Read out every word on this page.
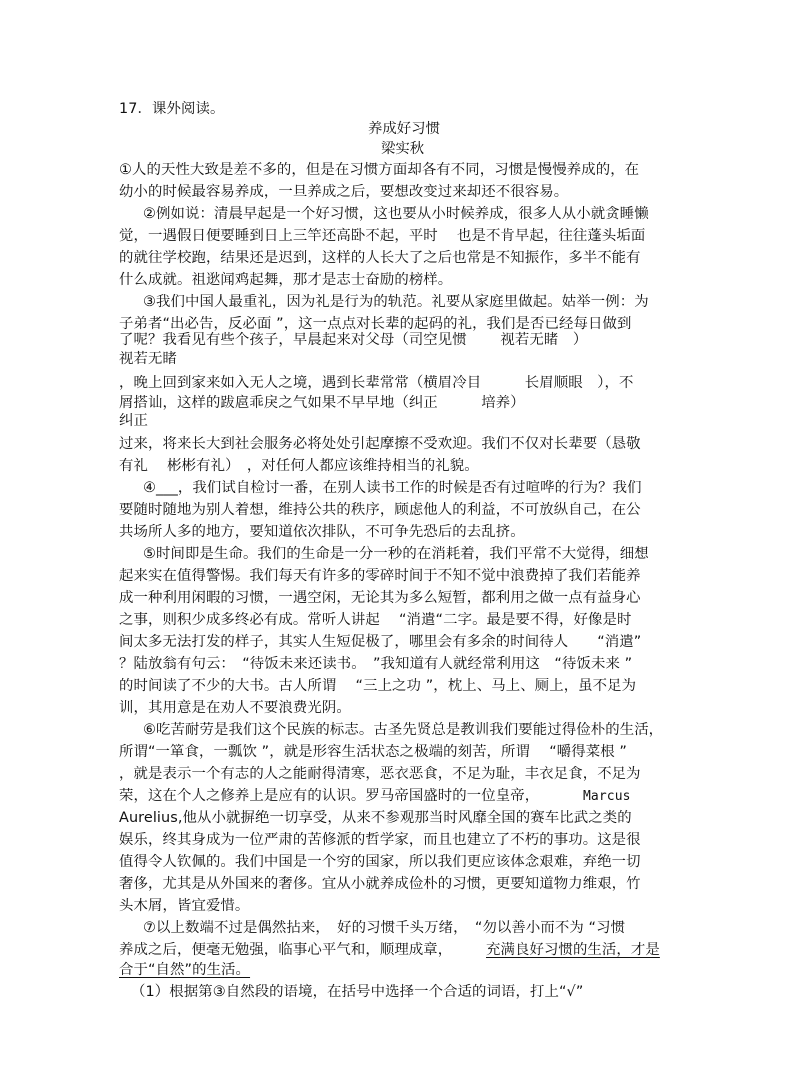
17．课外阅读。
养成好习惯
梁实秋
①人的天性大致是差不多的，但是在习惯方面却各有不同，习惯是慢慢养成的，在
幼小的时候最容易养成，一旦养成之后，要想改变过来却还不很容易。
②例如说：清晨早起是一个好习惯，这也要从小时候养成，很多人从小就贪睡懒
觉，一遇假日便要睡到日上三竿还高卧不起，平时　 也是不肯早起，往往蓬头垢面
的就往学校跑，结果还是迟到，这样的人长大了之后也常是不知振作，多半不能有
什么成就。祖逖闻鸡起舞，那才是志士奋励的榜样。
③我们中国人最重礼，因为礼是行为的轨范。礼要从家庭里做起。姑举一例：为
子弟者“出必告，反必面 ”，这一点点对长辈的起码的礼，我们是否已经每日做到
了呢？我看见有些个孩子，早晨起来对父母（司空见惯　　 视若无睹　）
视若无睹
，晚上回到家来如入无人之境，遇到长辈常常（横眉冷目　　　长眉顺眼　），不
屑搭讪，这样的跋扈乖戾之气如果不早早地（纠正　　　培养）
纠正
过来，将来长大到社会服务必将处处引起摩擦不受欢迎。我们不仅对长辈要（恳敬
有礼　 彬彬有礼）　，对任何人都应该维持相当的礼貌。
④___，我们试自检讨一番，在别人读书工作的时候是否有过喧哗的行为？我们
要随时随地为别人着想，维持公共的秩序，顾虑他人的利益，不可放纵自己，在公
共场所人多的地方，要知道依次排队，不可争先恐后的去乱挤。
⑤时间即是生命。我们的生命是一分一秒的在消耗着，我们平常不大觉得，细想
起来实在值得警惕。我们每天有许多的零碎时间于不知不觉中浪费掉了我们若能养
成一种利用闲暇的习惯，一遇空闲，无论其为多么短暂，都利用之做一点有益身心
之事，则积少成多终必有成。常听人讲起　 “消遣“二字。最是要不得，好像是时
间太多无法打发的样子，其实人生短促极了，哪里会有多余的时间待人　　“消遣”
？陆放翁有句云：　“待饭未来还读书。　”我知道有人就经常利用这　“待饭未来 ”
的时间读了不少的大书。古人所谓　 “三上之功 ”，枕上、马上、厕上，虽不足为
训，其用意是在劝人不要浪费光阴。
⑥吃苦耐劳是我们这个民族的标志。古圣先贤总是教训我们要能过得俭朴的生活，
所谓“一箪食，一瓢饮 ”，就是形容生活状态之极端的刻苦，所谓　 “嚼得菜根 ”
，就是表示一个有志的人之能耐得清寒，恶衣恶食，不足为耻，丰衣足食，不足为
荣，这在个人之修养上是应有的认识。罗马帝国盛时的一位皇帝，　　 Marcus
Aurelius,他从小就摒绝一切享受，从来不参观那当时风靡全国的赛车比武之类的
娱乐，终其身成为一位严肃的苦修派的哲学家，而且也建立了不朽的事功。这是很
值得令人钦佩的。我们中国是一个穷的国家，所以我们更应该体念艰难，弃绝一切
奢侈，尤其是从外国来的奢侈。宜从小就养成俭朴的习惯，更要知道物力维艰，竹
头木屑，皆宜爱惜。
⑦以上数端不过是偶然拈来，　好的习惯千头万绪，　“勿以善小而不为 “习惯
养成之后，便毫无勉强，临事心平气和，顺理成章，　 充满良好习惯的生活，才是
合于“自然”的生活。
（1）根据第③自然段的语境，在括号中选择一个合适的词语，打上“√”
